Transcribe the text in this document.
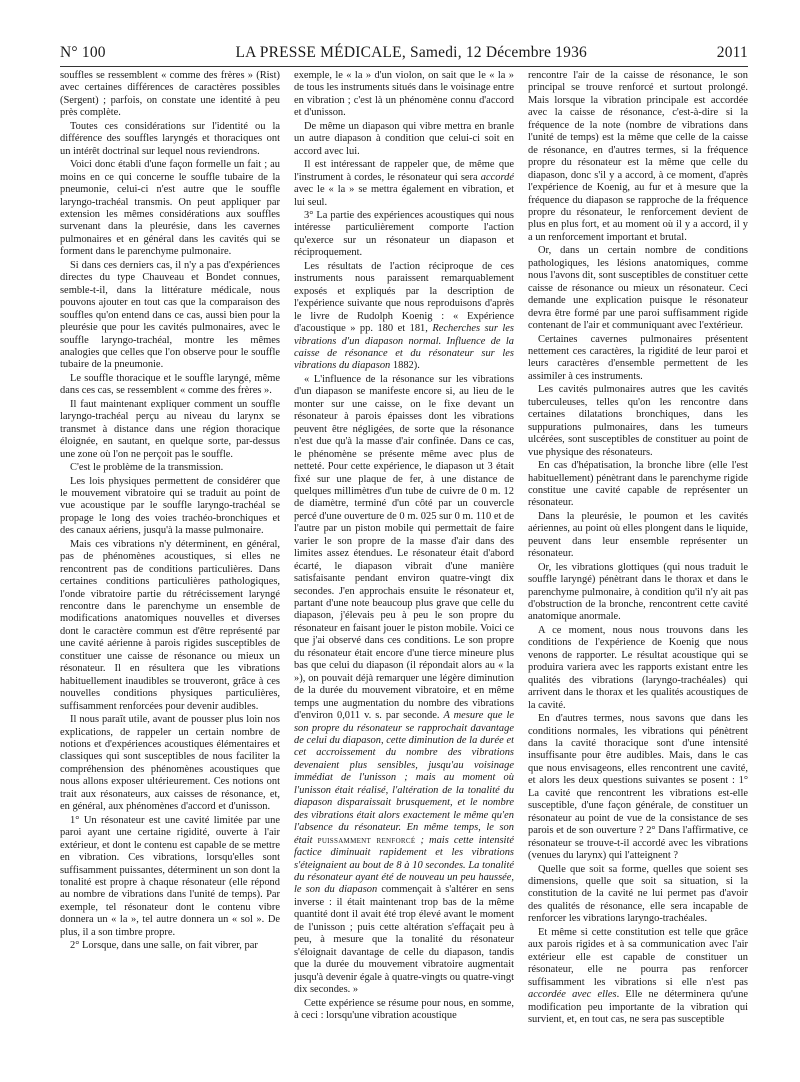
N° 100	LA PRESSE MÉDICALE, Samedi, 12 Décembre 1936	2011

souffles se ressemblent « comme des frères » (Rist) avec certaines différences de caractères possibles (Sergent) ; parfois, on constate une identité à peu près complète.

Toutes ces considérations sur l'identité ou la différence des souffles laryngés et thoraciques ont un intérêt doctrinal sur lequel nous reviendrons.

Voici donc établi d'une façon formelle un fait ; au moins en ce qui concerne le souffle tubaire de la pneumonie, celui-ci n'est autre que le souffle laryngo-trachéal transmis. On peut appliquer par extension les mêmes considérations aux souffles survenant dans la pleurésie, dans les cavernes pulmonaires et en général dans les cavités qui se forment dans le parenchyme pulmonaire.

Si dans ces derniers cas, il n'y a pas d'expériences directes du type Chauveau et Bondet connues, semble-t-il, dans la littérature médicale, nous pouvons ajouter en tout cas que la comparaison des souffles qu'on entend dans ce cas, aussi bien pour la pleurésie que pour les cavités pulmonaires, avec le souffle laryngo-trachéal, montre les mêmes analogies que celles que l'on observe pour le souffle tubaire de la pneumonie.

Le souffle thoracique et le souffle laryngé, même dans ces cas, se ressemblent « comme des frères ».

Il faut maintenant expliquer comment un souffle laryngo-trachéal perçu au niveau du larynx se transmet à distance dans une région thoracique éloignée, en sautant, en quelque sorte, par-dessus une zone où l'on ne perçoit pas le souffle.

C'est le problème de la transmission.

Les lois physiques permettent de considérer que le mouvement vibratoire qui se traduit au point de vue acoustique par le souffle laryngo-trachéal se propage le long des voies trachéo-bronchiques et des canaux aériens, jusqu'à la masse pulmonaire.

Mais ces vibrations n'y déterminent, en général, pas de phénomènes acoustiques, si elles ne rencontrent pas de conditions particulières. Dans certaines conditions particulières pathologiques, l'onde vibratoire partie du rétrécissement laryngé rencontre dans le parenchyme un ensemble de modifications anatomiques nouvelles et diverses dont le caractère commun est d'être représenté par une cavité aérienne à parois rigides susceptibles de constituer une caisse de résonance ou mieux un résonateur. Il en résultera que les vibrations habituellement inaudibles se trouveront, grâce à ces nouvelles conditions physiques particulières, suffisamment renforcées pour devenir audibles.

Il nous paraît utile, avant de pousser plus loin nos explications, de rappeler un certain nombre de notions et d'expériences acoustiques élémentaires et classiques qui sont susceptibles de nous faciliter la compréhension des phénomènes acoustiques que nous allons exposer ultérieurement. Ces notions ont trait aux résonateurs, aux caisses de résonance, et, en général, aux phénomènes d'accord et d'unisson.

1° Un résonateur est une cavité limitée par une paroi ayant une certaine rigidité, ouverte à l'air extérieur, et dont le contenu est capable de se mettre en vibration. Ces vibrations, lorsqu'elles sont suffisamment puissantes, déterminent un son dont la tonalité est propre à chaque résonateur (elle répond au nombre de vibrations dans l'unité de temps). Par exemple, tel résonateur dont le contenu vibre donnera un « la », tel autre donnera un « sol ». De plus, il a son timbre propre.

2° Lorsque, dans une salle, on fait vibrer, par

exemple, le « la » d'un violon, on sait que le « la » de tous les instruments situés dans le voisinage entre en vibration ; c'est là un phénomène connu d'accord et d'unisson.

De même un diapason qui vibre mettra en branle un autre diapason à condition que celui-ci soit en accord avec lui.

Il est intéressant de rappeler que, de même que l'instrument à cordes, le résonateur qui sera accordé avec le « la » se mettra également en vibration, et lui seul.

3° La partie des expériences acoustiques qui nous intéresse particulièrement comporte l'action qu'exerce sur un résonateur un diapason et réciproquement.

Les résultats de l'action réciproque de ces instruments nous paraissent remarquablement exposés et expliqués par la description de l'expérience suivante que nous reproduisons d'après le livre de Rudolph Koenig : « Expérience d'acoustique » pp. 180 et 181, Recherches sur les vibrations d'un diapason normal. Influence de la caisse de résonance et du résonateur sur les vibrations du diapason 1882).

« L'influence de la résonance sur les vibrations d'un diapason se manifeste encore si, au lieu de le monter sur une caisse, on le fixe devant un résonateur à parois épaisses dont les vibrations peuvent être négligées, de sorte que la résonance n'est due qu'à la masse d'air confinée. Dans ce cas, le phénomène se présente même avec plus de netteté. Pour cette expérience, le diapason ut 3 était fixé sur une plaque de fer, à une distance de quelques millimètres d'un tube de cuivre de 0 m. 12 de diamètre, terminé d'un côté par un couvercle percé d'une ouverture de 0 m. 025 sur 0 m. 110 et de l'autre par un piston mobile qui permettait de faire varier le son propre de la masse d'air dans des limites assez étendues. Le résonateur était d'abord écarté, le diapason vibrait d'une manière satisfaisante pendant environ quatre-vingt dix secondes. J'en approchais ensuite le résonateur et, partant d'une note beaucoup plus grave que celle du diapason, j'élevais peu à peu le son propre du résonateur en faisant jouer le piston mobile. Voici ce que j'ai observé dans ces conditions. Le son propre du résonateur était encore d'une tierce mineure plus bas que celui du diapason (il répondait alors au « la »), on pouvait déjà remarquer une légère diminution de la durée du mouvement vibratoire, et en même temps une augmentation du nombre des vibrations d'environ 0,011 v. s. par seconde. A mesure que le son propre du résonateur se rapprochait davantage de celui du diapason, cette diminution de la durée et cet accroissement du nombre des vibrations devenaient plus sensibles, jusqu'au voisinage immédiat de l'unisson ; mais au moment où l'unisson était réalisé, l'altération de la tonalité du diapason disparaissait brusquement, et le nombre des vibrations était alors exactement le même qu'en l'absence du résonateur. En même temps, le son était puissamment renforcé ; mais cette intensité factice diminuait rapidement et les vibrations s'éteignaient au bout de 8 à 10 secondes. La tonalité du résonateur ayant été de nouveau un peu haussée, le son du diapason commençait à s'altérer en sens inverse : il était maintenant trop bas de la même quantité dont il avait été trop élevé avant le moment de l'unisson ; puis cette altération s'effaçait peu à peu, à mesure que la tonalité du résonateur s'éloignait davantage de celle du diapason, tandis que la durée du mouvement vibratoire augmentait jusqu'à devenir égale à quatre-vingts ou quatre-vingt dix secondes. »

Cette expérience se résume pour nous, en somme, à ceci : lorsqu'une vibration acoustique

rencontre l'air de la caisse de résonance, le son principal se trouve renforcé et surtout prolongé. Mais lorsque la vibration principale est accordée avec la caisse de résonance, c'est-à-dire si la fréquence de la note (nombre de vibrations dans l'unité de temps) est la même que celle de la caisse de résonance, en d'autres termes, si la fréquence propre du résonateur est la même que celle du diapason, donc s'il y a accord, à ce moment, d'après l'expérience de Koenig, au fur et à mesure que la fréquence du diapason se rapproche de la fréquence propre du résonateur, le renforcement devient de plus en plus fort, et au moment où il y a accord, il y a un renforcement important et brutal.

Or, dans un certain nombre de conditions pathologiques, les lésions anatomiques, comme nous l'avons dit, sont susceptibles de constituer cette caisse de résonance ou mieux un résonateur. Ceci demande une explication puisque le résonateur devra être formé par une paroi suffisamment rigide contenant de l'air et communiquant avec l'extérieur.

Certaines cavernes pulmonaires présentent nettement ces caractères, la rigidité de leur paroi et leurs caractères d'ensemble permettent de les assimiler à ces instruments.

Les cavités pulmonaires autres que les cavités tuberculeuses, telles qu'on les rencontre dans certaines dilatations bronchiques, dans les suppurations pulmonaires, dans les tumeurs ulcérées, sont susceptibles de constituer au point de vue physique des résonateurs.

En cas d'hépatisation, la bronche libre (elle l'est habituellement) pénètrant dans le parenchyme rigide constitue une cavité capable de représenter un résonateur.

Dans la pleurésie, le poumon et les cavités aériennes, au point où elles plongent dans le liquide, peuvent dans leur ensemble représenter un résonateur.

Or, les vibrations glottiques (qui nous traduit le souffle laryngé) pénètrant dans le thorax et dans le parenchyme pulmonaire, à condition qu'il n'y ait pas d'obstruction de la bronche, rencontrent cette cavité anatomique anormale.

A ce moment, nous nous trouvons dans les conditions de l'expérience de Koenig que nous venons de rapporter. Le résultat acoustique qui se produira variera avec les rapports existant entre les qualités des vibrations (laryngo-trachéales) qui arrivent dans le thorax et les qualités acoustiques de la cavité.

En d'autres termes, nous savons que dans les conditions normales, les vibrations qui pénètrent dans la cavité thoracique sont d'une intensité insuffisante pour être audibles. Mais, dans le cas que nous envisageons, elles rencontrent une cavité, et alors les deux questions suivantes se posent : 1° La cavité que rencontrent les vibrations est-elle susceptible, d'une façon générale, de constituer un résonateur au point de vue de la consistance de ses parois et de son ouverture ? 2° Dans l'affirmative, ce résonateur se trouve-t-il accordé avec les vibrations (venues du larynx) qui l'atteignent ?

Quelle que soit sa forme, quelles que soient ses dimensions, quelle que soit sa situation, si la constitution de la cavité ne lui permet pas d'avoir des qualités de résonance, elle sera incapable de renforcer les vibrations laryngo-trachéales.

Et même si cette constitution est telle que grâce aux parois rigides et à sa communication avec l'air extérieur elle est capable de constituer un résonateur, elle ne pourra pas renforcer suffisamment les vibrations si elle n'est pas accordée avec elles. Elle ne déterminera qu'une modification peu importante de la vibration qui survient, et, en tout cas, ne sera pas susceptible
